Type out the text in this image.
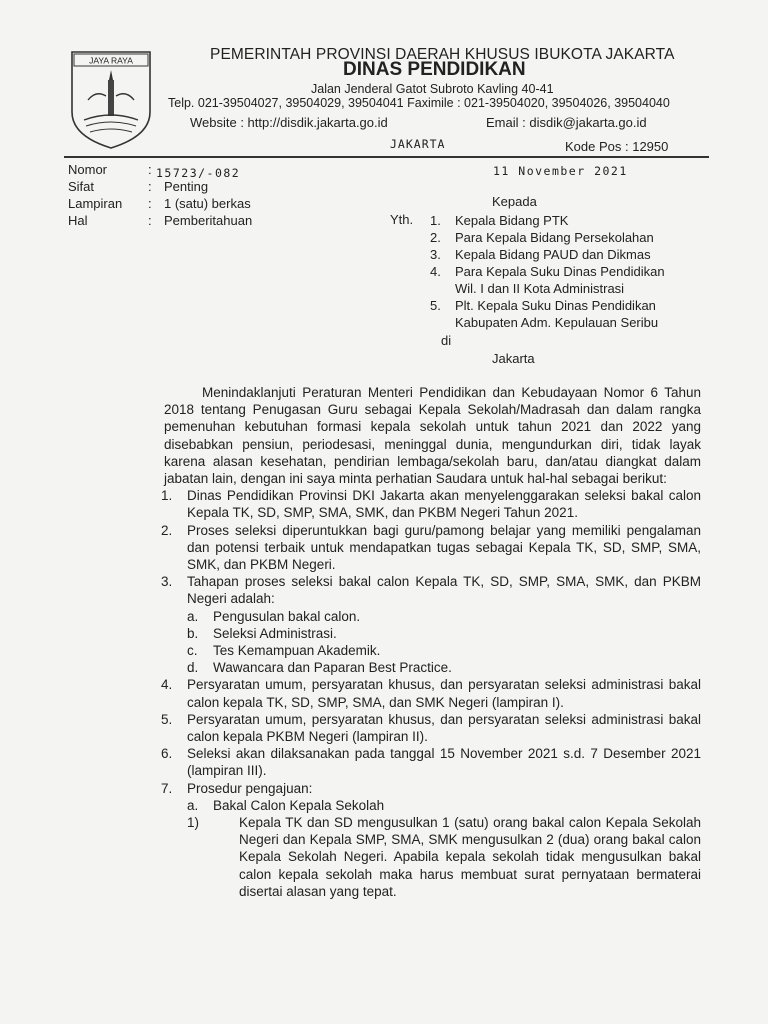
JAYA RAYA	PEMERINTAH PROVINSI DAERAH KHUSUS IBUKOTA JAKARTA
DINAS PENDIDIKAN
Jalan Jenderal Gatot Subroto Kavling 40-41
Telp. 021-39504027, 39504029, 39504041 Faximile : 021-39504020, 39504026, 39504040
Website : http://disdik.jakarta.go.id	Email : disdik@jakarta.go.id
JAKARTA	Kode Pos : 12950
Nomor	: 15723/-082
Sifat	: Penting
Lampiran : 1 (satu) berkas
Hal	: Pemberitahuan
11 November 2021
Kepada
Yth. 1. Kepala Bidang PTK
2. Para Kepala Bidang Persekolahan
3. Kepala Bidang PAUD dan Dikmas
4. Para Kepala Suku Dinas Pendidikan
Wil. I dan II Kota Administrasi
5. Plt. Kepala Suku Dinas Pendidikan
Kabupaten Adm. Kepulauan Seribu
di
Jakarta

Menindaklanjuti Peraturan Menteri Pendidikan dan Kebudayaan Nomor 6 Tahun 2018 tentang Penugasan Guru sebagai Kepala Sekolah/Madrasah dan dalam rangka pemenuhan kebutuhan formasi kepala sekolah untuk tahun 2021 dan 2022 yang disebabkan pensiun, periodesasi, meninggal dunia, mengundurkan diri, tidak layak karena alasan kesehatan, pendirian lembaga/sekolah baru, dan/atau diangkat dalam jabatan lain, dengan ini saya minta perhatian Saudara untuk hal-hal sebagai berikut:

1. Dinas Pendidikan Provinsi DKI Jakarta akan menyelenggarakan seleksi bakal calon Kepala TK, SD, SMP, SMA, SMK, dan PKBM Negeri Tahun 2021.
2. Proses seleksi diperuntukkan bagi guru/pamong belajar yang memiliki pengalaman dan potensi terbaik untuk mendapatkan tugas sebagai Kepala TK, SD, SMP, SMA, SMK, dan PKBM Negeri.
3. Tahapan proses seleksi bakal calon Kepala TK, SD, SMP, SMA, SMK, dan PKBM Negeri adalah:
a. Pengusulan bakal calon.
b. Seleksi Administrasi.
c. Tes Kemampuan Akademik.
d. Wawancara dan Paparan Best Practice.
4. Persyaratan umum, persyaratan khusus, dan persyaratan seleksi administrasi bakal calon kepala TK, SD, SMP, SMA, dan SMK Negeri (lampiran I).
5. Persyaratan umum, persyaratan khusus, dan persyaratan seleksi administrasi bakal calon kepala PKBM Negeri (lampiran II).
6. Seleksi akan dilaksanakan pada tanggal 15 November 2021 s.d. 7 Desember 2021 (lampiran III).
7. Prosedur pengajuan:
a. Bakal Calon Kepala Sekolah
1)	Kepala TK dan SD mengusulkan 1 (satu) orang bakal calon Kepala Sekolah Negeri dan Kepala SMP, SMA, SMK mengusulkan 2 (dua) orang bakal calon Kepala Sekolah Negeri. Apabila kepala sekolah tidak mengusulkan bakal calon kepala sekolah maka harus membuat surat pernyataan bermaterai disertai alasan yang tepat.
